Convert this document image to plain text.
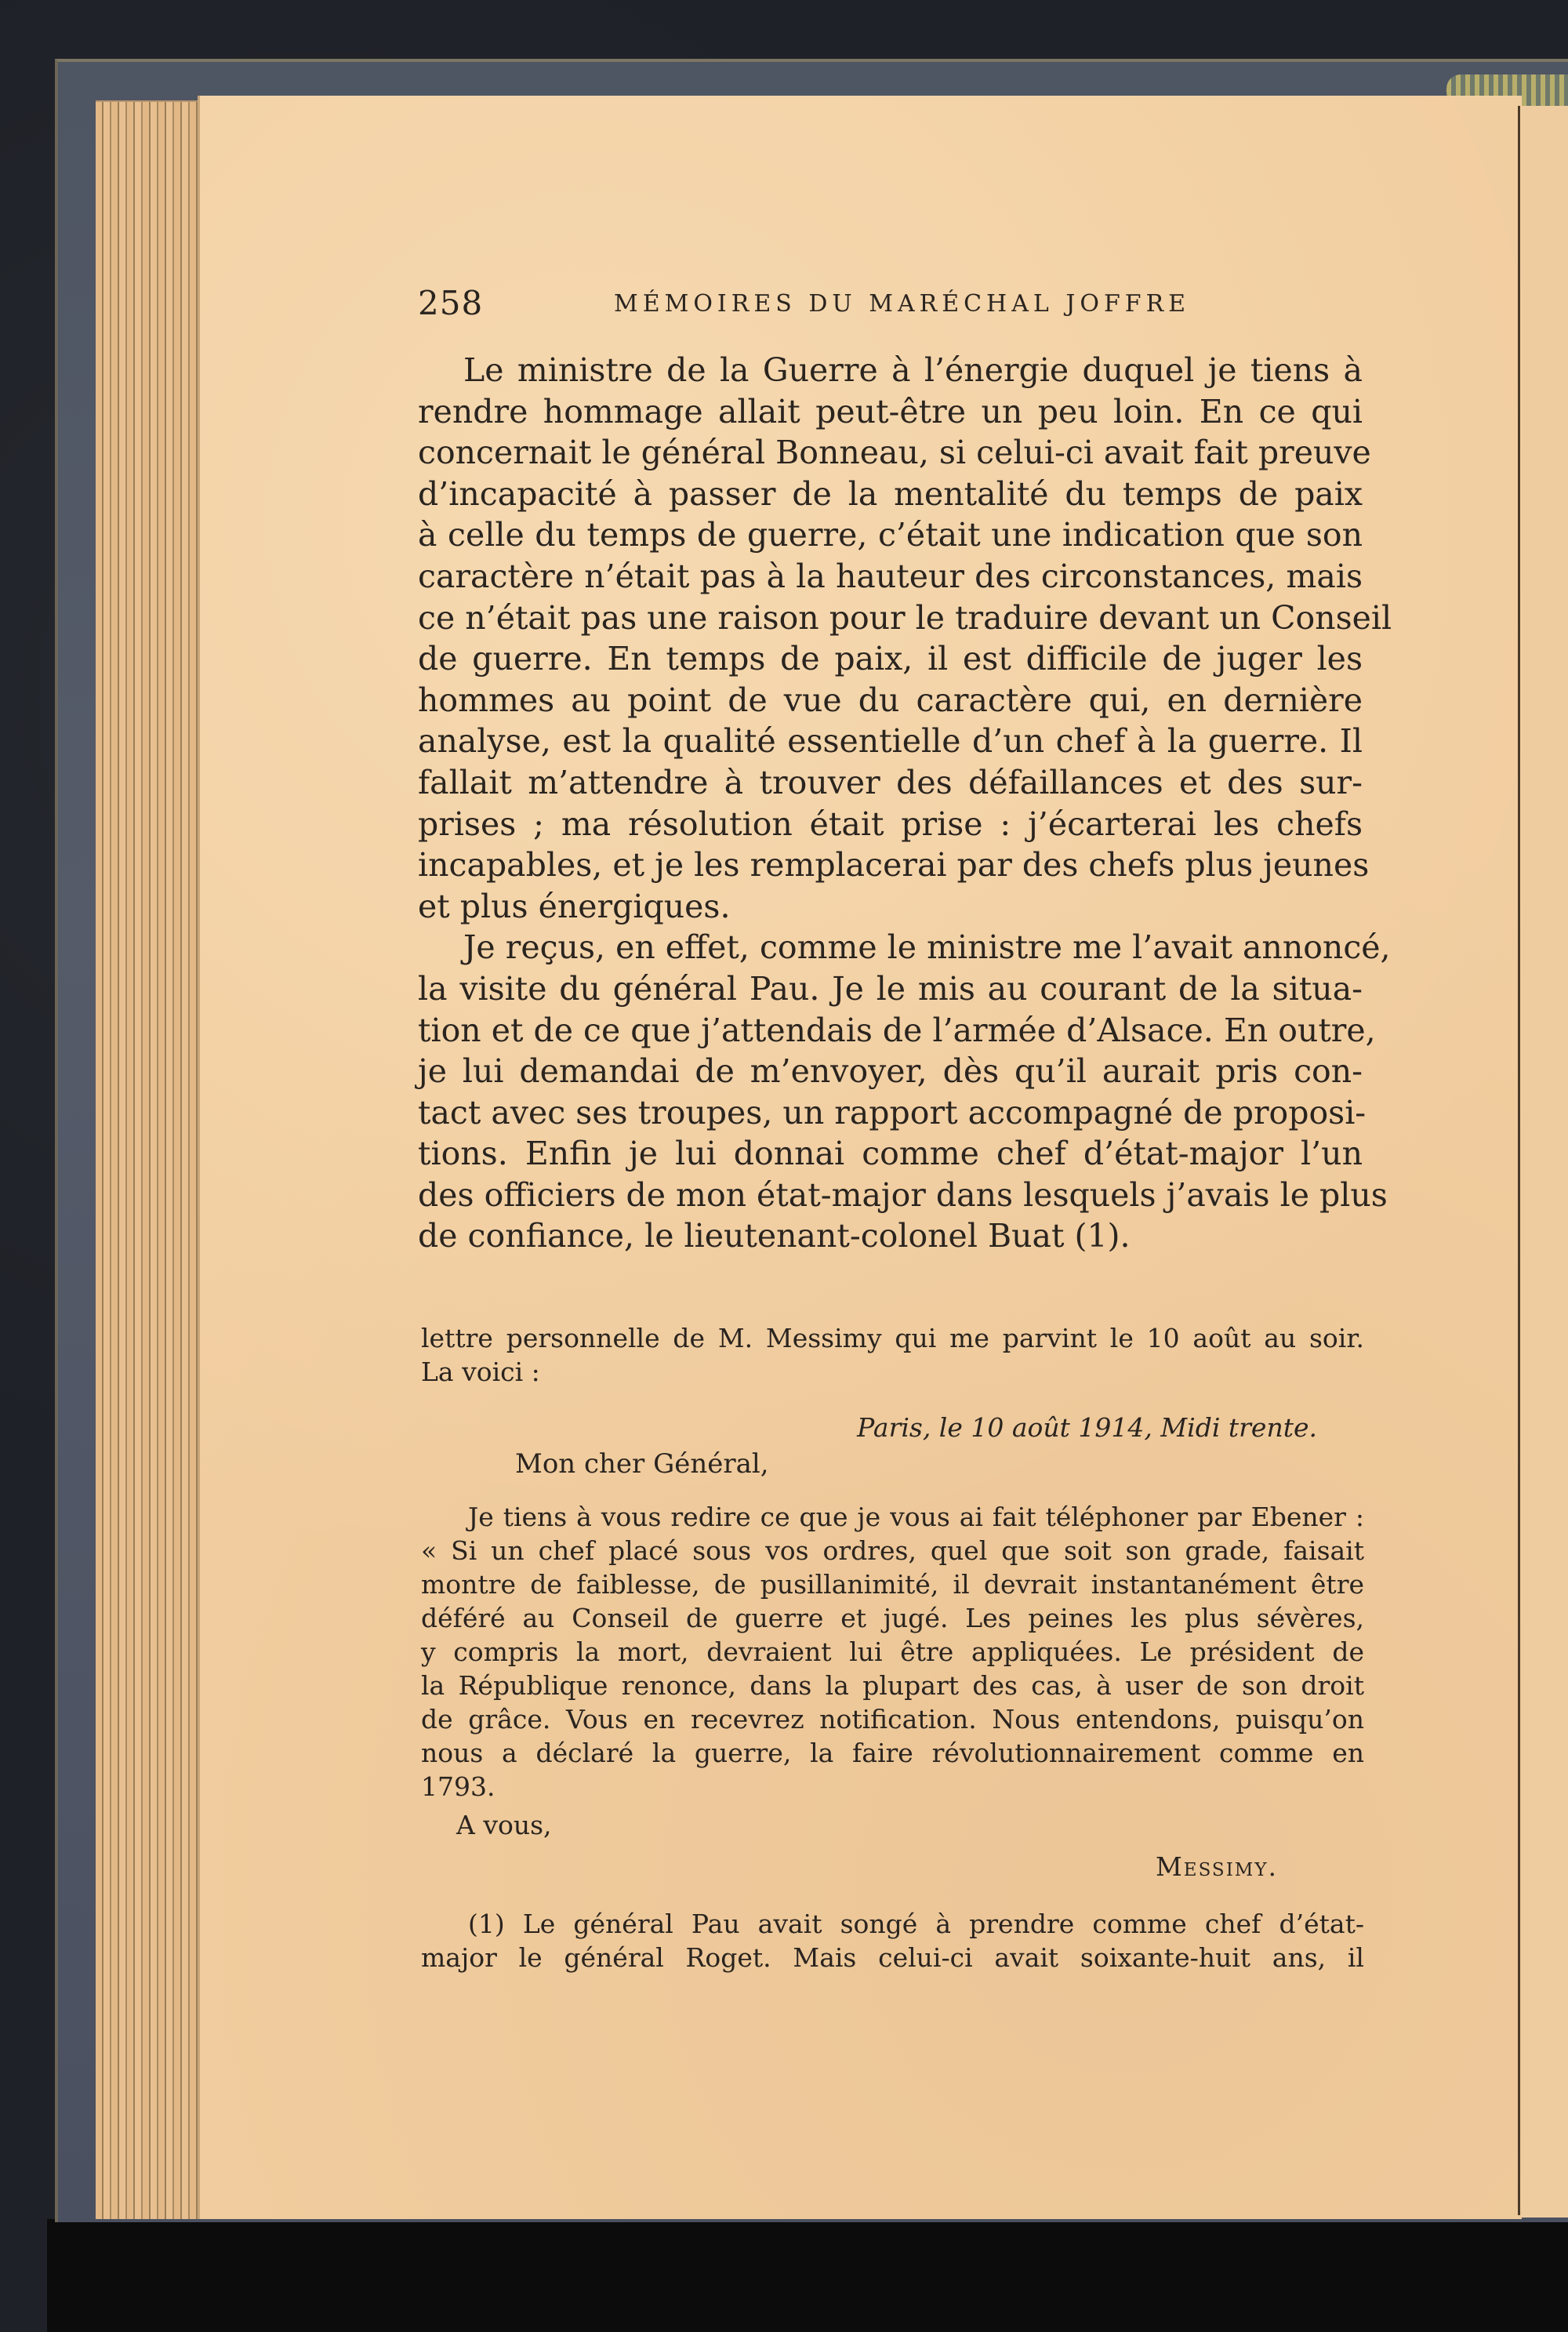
258	MÉMOIRES DU MARÉCHAL JOFFRE

Le ministre de la Guerre à l’énergie duquel je tiens à
rendre hommage allait peut-être un peu loin. En ce qui
concernait le général Bonneau, si celui-ci avait fait preuve
d’incapacité à passer de la mentalité du temps de paix
à celle du temps de guerre, c’était une indication que son
caractère n’était pas à la hauteur des circonstances, mais
ce n’était pas une raison pour le traduire devant un Conseil
de guerre. En temps de paix, il est difficile de juger les
hommes au point de vue du caractère qui, en dernière
analyse, est la qualité essentielle d’un chef à la guerre. Il
fallait m’attendre à trouver des défaillances et des sur-
prises ; ma résolution était prise : j’écarterai les chefs
incapables, et je les remplacerai par des chefs plus jeunes
et plus énergiques.

Je reçus, en effet, comme le ministre me l’avait annoncé,
la visite du général Pau. Je le mis au courant de la situa-
tion et de ce que j’attendais de l’armée d’Alsace. En outre,
je lui demandai de m’envoyer, dès qu’il aurait pris con-
tact avec ses troupes, un rapport accompagné de proposi-
tions. Enfin je lui donnai comme chef d’état-major l’un
des officiers de mon état-major dans lesquels j’avais le plus
de confiance, le lieutenant-colonel Buat (1).

lettre personnelle de M. Messimy qui me parvint le 10 août au soir.
La voici :
Paris, le 10 août 1914, Midi trente.
Mon cher Général,
Je tiens à vous redire ce que je vous ai fait téléphoner par Ebener :
« Si un chef placé sous vos ordres, quel que soit son grade, faisait
montre de faiblesse, de pusillanimité, il devrait instantanément être
déféré au Conseil de guerre et jugé. Les peines les plus sévères,
y compris la mort, devraient lui être appliquées. Le président de
la République renonce, dans la plupart des cas, à user de son droit
de grâce. Vous en recevrez notification. Nous entendons, puisqu’on
nous a déclaré la guerre, la faire révolutionnairement comme en
1793.
A vous,
Messimy.
(1) Le général Pau avait songé à prendre comme chef d’état-
major le général Roget. Mais celui-ci avait soixante-huit ans, il
